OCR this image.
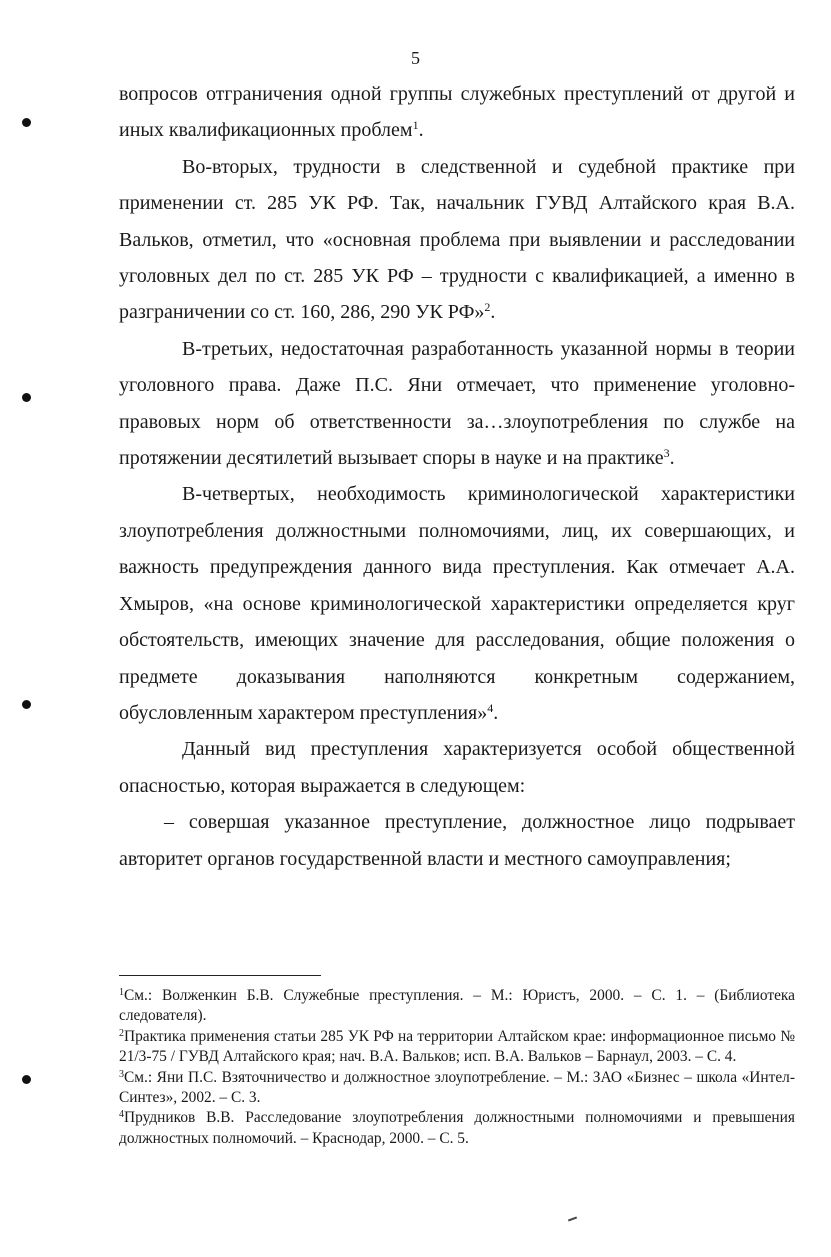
5

вопросов отграничения одной группы служебных преступлений от другой и иных квалификационных проблем$^1$.

Во-вторых, трудности в следственной и судебной практике при применении ст. 285 УК РФ. Так, начальник ГУВД Алтайского края В.А. Вальков, отметил, что «основная проблема при выявлении и расследовании уголовных дел по ст. 285 УК РФ – трудности с квалификацией, а именно в разграничении со ст. 160, 286, 290 УК РФ»$^2$.

В-третьих, недостаточная разработанность указанной нормы в теории уголовного права. Даже П.С. Яни отмечает, что применение уголовно-правовых норм об ответственности за…злоупотребления по службе на протяжении десятилетий вызывает споры в науке и на практике$^3$.

В-четвертых, необходимость криминологической характеристики злоупотребления должностными полномочиями, лиц, их совершающих, и важность предупреждения данного вида преступления. Как отмечает А.А. Хмыров, «на основе криминологической характеристики определяется круг обстоятельств, имеющих значение для расследования, общие положения о предмете доказывания наполняются конкретным содержанием, обусловленным характером преступления»$^4$.

Данный вид преступления характеризуется особой общественной опасностью, которая выражается в следующем:

– совершая указанное преступление, должностное лицо подрывает авторитет органов государственной власти и местного самоуправления;

$^1$См.: Волженкин Б.В. Служебные преступления. – М.: Юристъ, 2000. – С. 1. – (Библиотека следователя).

$^2$Практика применения статьи 285 УК РФ на территории Алтайском крае: информационное письмо № 21/3-75 / ГУВД Алтайского края; нач. В.А. Вальков; исп. В.А. Вальков – Барнаул, 2003. – С. 4.

$^3$См.: Яни П.С. Взяточничество и должностное злоупотребление. – М.: ЗАО «Бизнес – школа «Интел-Синтез», 2002. – С. 3.

$^4$Прудников В.В. Расследование злоупотребления должностными полномочиями и превышения должностных полномочий. – Краснодар, 2000. – С. 5.
